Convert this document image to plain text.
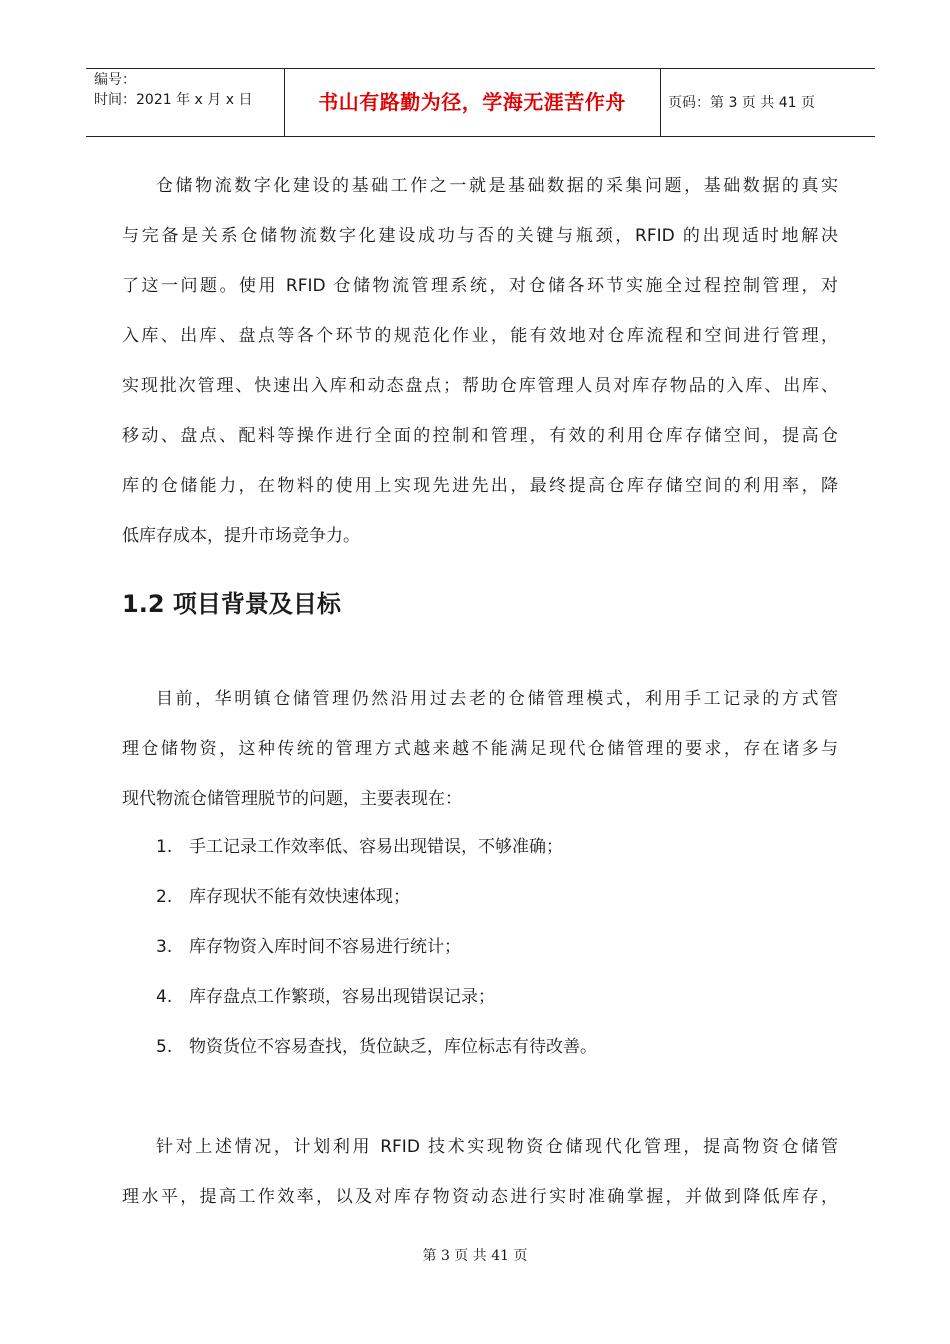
编号：
时间：2021 年 x 月 x 日	书山有路勤为径，学海无涯苦作舟	页码：第 3 页 共 41 页
仓储物流数字化建设的基础工作之一就是基础数据的采集问题，基础数据的真实
与完备是关系仓储物流数字化建设成功与否的关键与瓶颈，RFID 的出现适时地解决
了这一问题。使用 RFID 仓储物流管理系统，对仓储各环节实施全过程控制管理，对
入库、出库、盘点等各个环节的规范化作业，能有效地对仓库流程和空间进行管理，
实现批次管理、快速出入库和动态盘点；帮助仓库管理人员对库存物品的入库、出库、
移动、盘点、配料等操作进行全面的控制和管理，有效的利用仓库存储空间，提高仓
库的仓储能力，在物料的使用上实现先进先出，最终提高仓库存储空间的利用率，降
低库存成本，提升市场竞争力。
1.2 项目背景及目标
目前，华明镇仓储管理仍然沿用过去老的仓储管理模式，利用手工记录的方式管
理仓储物资，这种传统的管理方式越来越不能满足现代仓储管理的要求，存在诸多与
现代物流仓储管理脱节的问题，主要表现在：
1. 手工记录工作效率低、容易出现错误，不够准确；
2. 库存现状不能有效快速体现；
3. 库存物资入库时间不容易进行统计；
4. 库存盘点工作繁琐，容易出现错误记录；
5. 物资货位不容易查找，货位缺乏，库位标志有待改善。
针对上述情况，计划利用 RFID 技术实现物资仓储现代化管理，提高物资仓储管
理水平，提高工作效率，以及对库存物资动态进行实时准确掌握，并做到降低库存，
第 3 页 共 41 页
